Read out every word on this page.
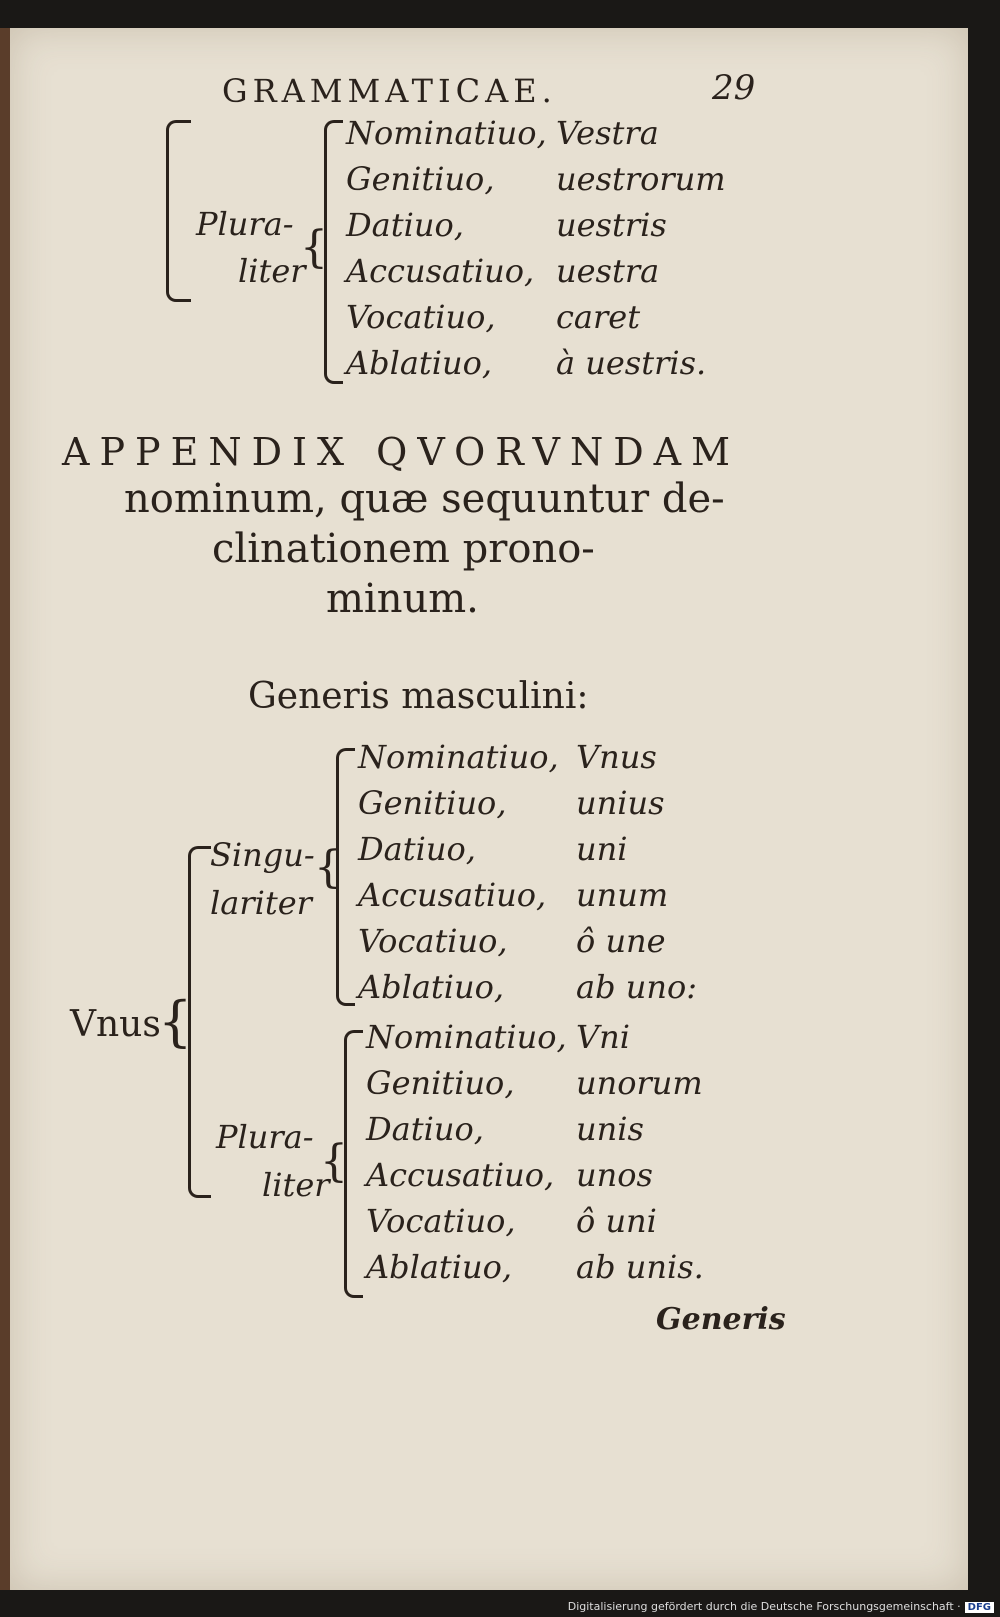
GRAMMATICAE.	29
Plura-
liter
{
Nominatiuo, Vestra
Genitiuo, uestrorum
Datiuo,	uestris
Accusatiuo, uestra
Vocatiuo, caret
Ablatiuo, à uestris.
APPENDIX QVORVNDAM
nominum, quæ sequuntur de-
clinationem prono-
minum.
Generis masculini:
Vnus
{
Singu-
lariter
{
Plura-
liter
{
Nominatiuo, Vnus
Genitiuo, unius
Datiuo,	uni
Accusatiuo, unum
Vocatiuo, ô une
Ablatiuo, ab uno:
Nominatiuo, Vni
Genitiuo, unorum
Datiuo,	unis
Accusatiuo, unos
Vocatiuo, ô uni
Ablatiuo, ab unis.
Generis
Digitalisierung gefördert durch die Deutsche Forschungsgemeinschaft · DFG
